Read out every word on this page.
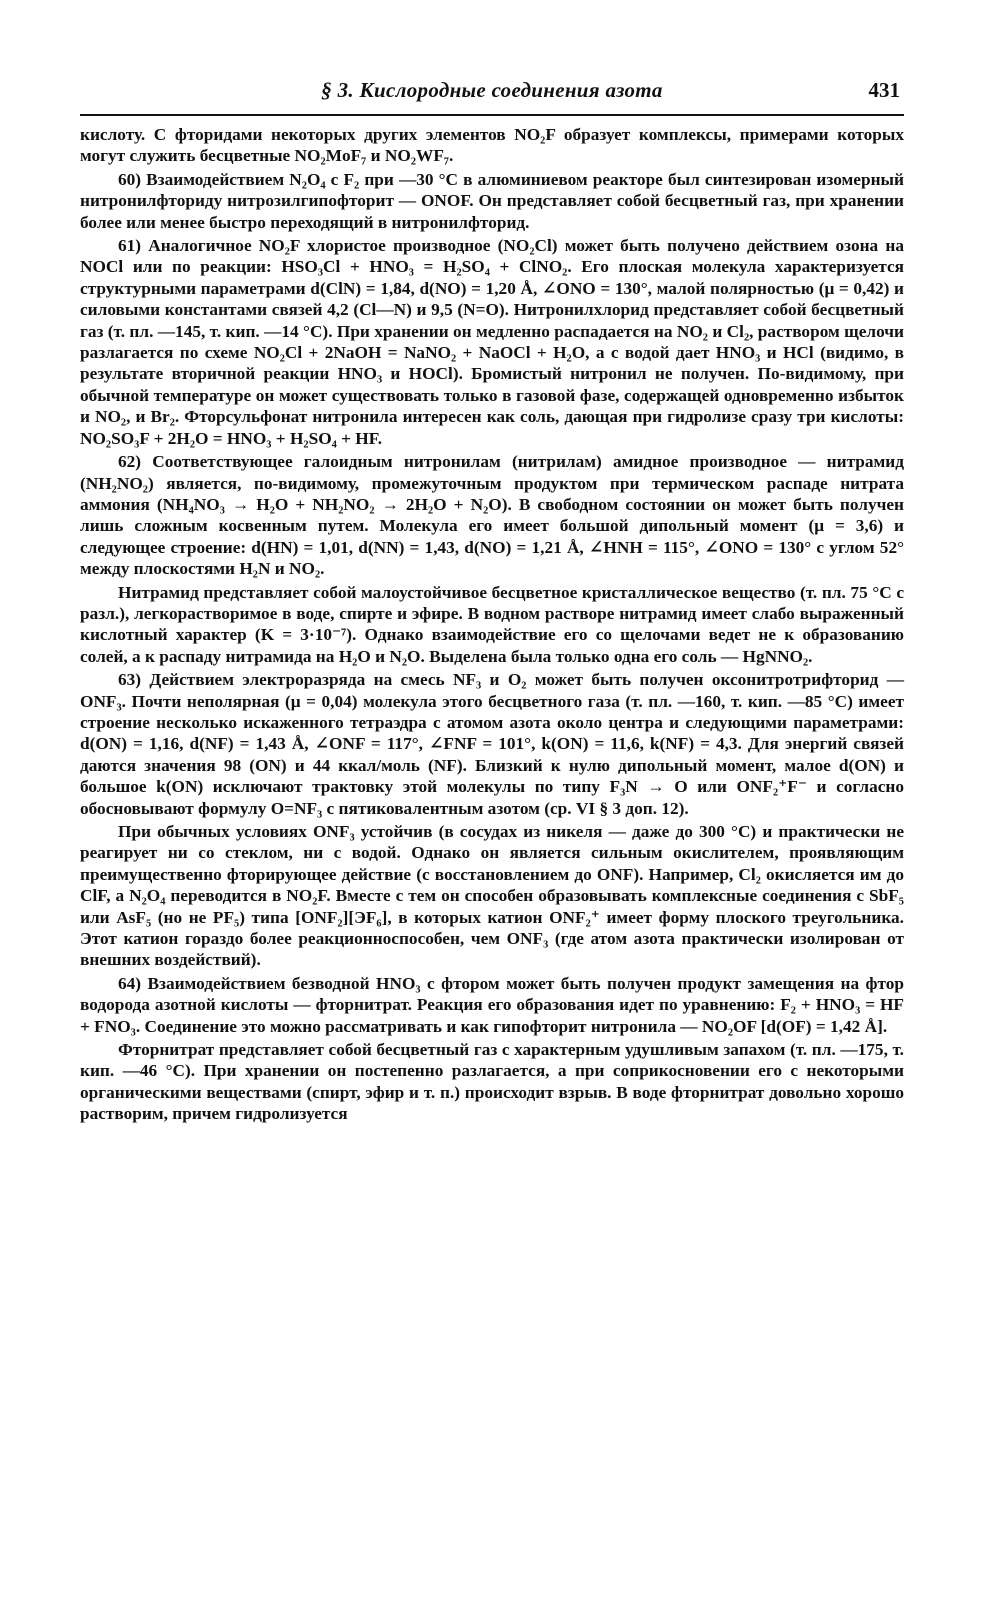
§ 3. Кислородные соединения азота	431

кислоту. С фторидами некоторых других элементов NO₂F образует комплексы, примерами которых могут служить бесцветные NO₂MoF₇ и NO₂WF₇.

60) Взаимодействием N₂O₄ с F₂ при —30 °С в алюминиевом реакторе был синтезирован изомерный нитронилфториду нитрозилгипофторит — ONOF. Он представляет собой бесцветный газ, при хранении более или менее быстро переходящий в нитронилфторид.

61) Аналогичное NO₂F хлористое производное (NO₂Cl) может быть получено действием озона на NOCl или по реакции: HSO₃Cl + HNO₃ = H₂SO₄ + ClNO₂. Его плоская молекула характеризуется структурными параметрами d(ClN) = 1,84, d(NO) = 1,20 Å, ∠ONO = 130°, малой полярностью (μ = 0,42) и силовыми константами связей 4,2 (Cl—N) и 9,5 (N=O). Нитронилхлорид представляет собой бесцветный газ (т. пл. —145, т. кип. —14 °С). При хранении он медленно распадается на NO₂ и Cl₂, раствором щелочи разлагается по схеме NO₂Cl + 2NaOH = NaNO₂ + NaOCl + H₂O, а с водой дает HNO₃ и HCl (видимо, в результате вторичной реакции HNO₃ и HOCl). Бромистый нитронил не получен. По-видимому, при обычной температуре он может существовать только в газовой фазе, содержащей одновременно избыток и NO₂, и Br₂. Фторсульфонат нитронила интересен как соль, дающая при гидролизе сразу три кислоты: NO₂SO₃F + 2H₂O = HNO₃ + H₂SO₄ + HF.

62) Соответствующее галоидным нитронилам (нитрилам) амидное производное — нитрамид (NH₂NO₂) является, по-видимому, промежуточным продуктом при термическом распаде нитрата аммония (NH₄NO₃ → H₂O + NH₂NO₂ → 2H₂O + N₂O). В свободном состоянии он может быть получен лишь сложным косвенным путем. Молекула его имеет большой дипольный момент (μ = 3,6) и следующее строение: d(HN) = 1,01, d(NN) = 1,43, d(NO) = 1,21 Å, ∠HNH = 115°, ∠ONO = 130° с углом 52° между плоскостями H₂N и NO₂.

Нитрамид представляет собой малоустойчивое бесцветное кристаллическое вещество (т. пл. 75 °С с разл.), легкорастворимое в воде, спирте и эфире. В водном растворе нитрамид имеет слабо выраженный кислотный характер (K = 3·10⁻⁷). Однако взаимодействие его со щелочами ведет не к образованию солей, а к распаду нитрамида на H₂O и N₂O. Выделена была только одна его соль — HgNNO₂.

63) Действием электроразряда на смесь NF₃ и O₂ может быть получен оксонитротрифторид — ONF₃. Почти неполярная (μ = 0,04) молекула этого бесцветного газа (т. пл. —160, т. кип. —85 °С) имеет строение несколько искаженного тетраэдра с атомом азота около центра и следующими параметрами: d(ON) = 1,16, d(NF) = 1,43 Å, ∠ONF = 117°, ∠FNF = 101°, k(ON) = 11,6, k(NF) = 4,3. Для энергий связей даются значения 98 (ON) и 44 ккал/моль (NF). Близкий к нулю дипольный момент, малое d(ON) и большое k(ON) исключают трактовку этой молекулы по типу F₃N → O или ONF₂⁺F⁻ и согласно обосновывают формулу O=NF₃ с пятиковалентным азотом (ср. VI § 3 доп. 12).

При обычных условиях ONF₃ устойчив (в сосудах из никеля — даже до 300 °С) и практически не реагирует ни со стеклом, ни с водой. Однако он является сильным окислителем, проявляющим преимущественно фторирующее действие (с восстановлением до ONF). Например, Cl₂ окисляется им до ClF, а N₂O₄ переводится в NO₂F. Вместе с тем он способен образовывать комплексные соединения с SbF₅ или AsF₅ (но не PF₅) типа [ONF₂][ЭF₆], в которых катион ONF₂⁺ имеет форму плоского треугольника. Этот катион гораздо более реакционноспособен, чем ONF₃ (где атом азота практически изолирован от внешних воздействий).

64) Взаимодействием безводной HNO₃ с фтором может быть получен продукт замещения на фтор водорода азотной кислоты — фторнитрат. Реакция его образования идет по уравнению: F₂ + HNO₃ = HF + FNO₃. Соединение это можно рассматривать и как гипофторит нитронила — NO₂OF [d(OF) = 1,42 Å].

Фторнитрат представляет собой бесцветный газ с характерным удушливым запахом (т. пл. —175, т. кип. —46 °С). При хранении он постепенно разлагается, а при соприкосновении его с некоторыми органическими веществами (спирт, эфир и т. п.) происходит взрыв. В воде фторнитрат довольно хорошо растворим, причем гидролизуется
